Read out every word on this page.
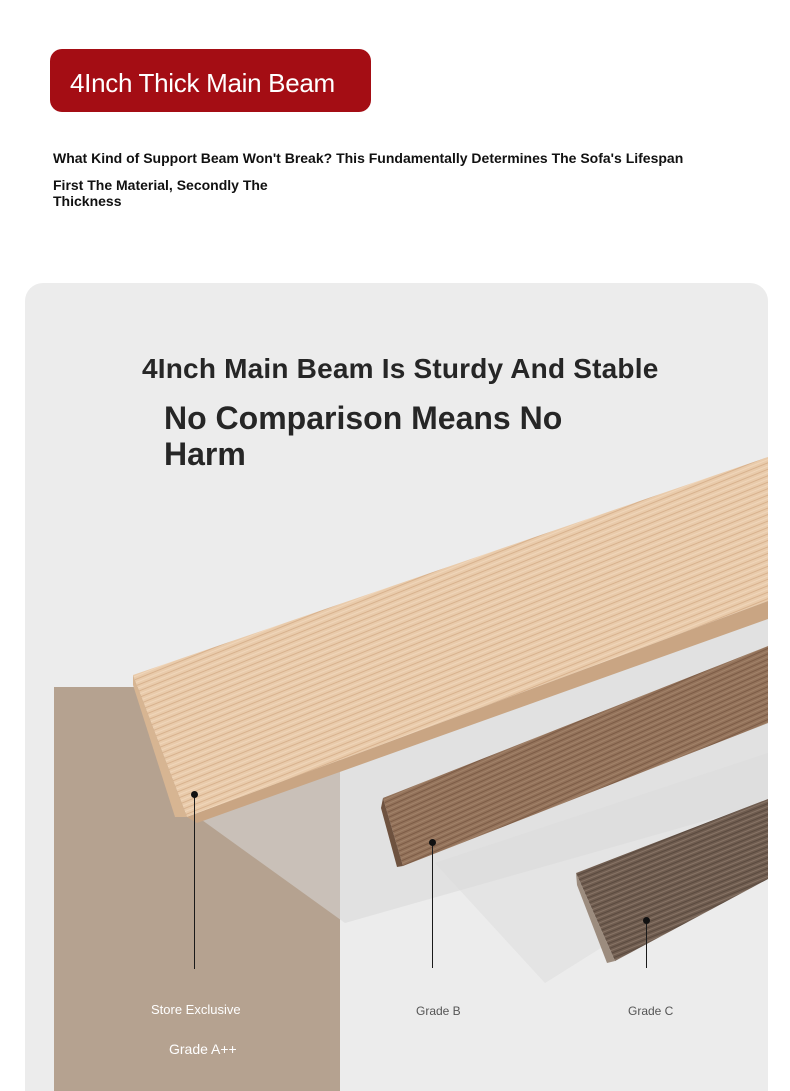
4Inch Thick Main Beam
What Kind of Support Beam Won't Break? This Fundamentally Determines The Sofa's Lifespan
First The Material, Secondly The Thickness
4Inch Main Beam Is Sturdy And Stable
No Comparison Means No Harm
Store Exclusive
Grade A++
Grade B	Grade C
